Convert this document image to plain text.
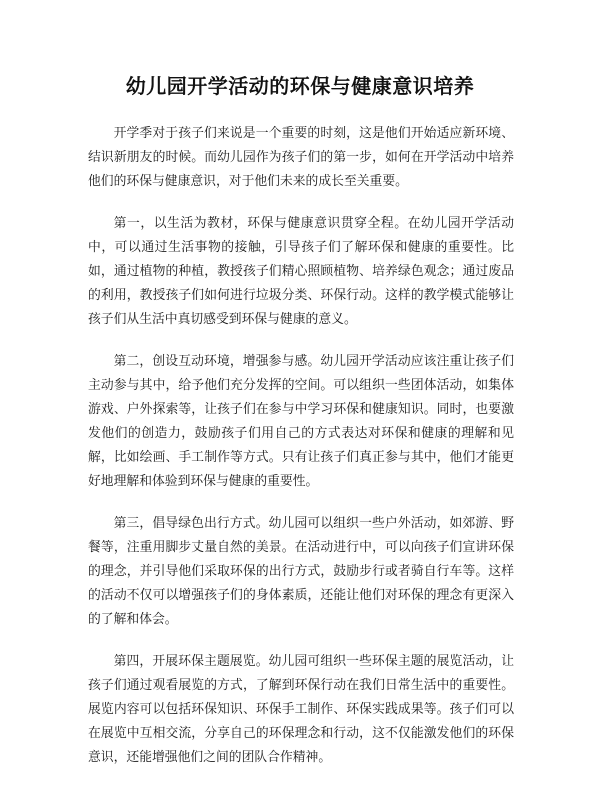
幼儿园开学活动的环保与健康意识培养

开学季对于孩子们来说是一个重要的时刻，这是他们开始适应新环境、结识新朋友的时候。而幼儿园作为孩子们的第一步，如何在开学活动中培养他们的环保与健康意识，对于他们未来的成长至关重要。

第一，以生活为教材，环保与健康意识贯穿全程。在幼儿园开学活动中，可以通过生活事物的接触，引导孩子们了解环保和健康的重要性。比如，通过植物的种植，教授孩子们精心照顾植物、培养绿色观念；通过废品的利用，教授孩子们如何进行垃圾分类、环保行动。这样的教学模式能够让孩子们从生活中真切感受到环保与健康的意义。

第二，创设互动环境，增强参与感。幼儿园开学活动应该注重让孩子们主动参与其中，给予他们充分发挥的空间。可以组织一些团体活动，如集体游戏、户外探索等，让孩子们在参与中学习环保和健康知识。同时，也要激发他们的创造力，鼓励孩子们用自己的方式表达对环保和健康的理解和见解，比如绘画、手工制作等方式。只有让孩子们真正参与其中，他们才能更好地理解和体验到环保与健康的重要性。

第三，倡导绿色出行方式。幼儿园可以组织一些户外活动，如郊游、野餐等，注重用脚步丈量自然的美景。在活动进行中，可以向孩子们宣讲环保的理念，并引导他们采取环保的出行方式，鼓励步行或者骑自行车等。这样的活动不仅可以增强孩子们的身体素质，还能让他们对环保的理念有更深入的了解和体会。

第四，开展环保主题展览。幼儿园可组织一些环保主题的展览活动，让孩子们通过观看展览的方式，了解到环保行动在我们日常生活中的重要性。展览内容可以包括环保知识、环保手工制作、环保实践成果等。孩子们可以在展览中互相交流，分享自己的环保理念和行动，这不仅能激发他们的环保意识，还能增强他们之间的团队合作精神。
